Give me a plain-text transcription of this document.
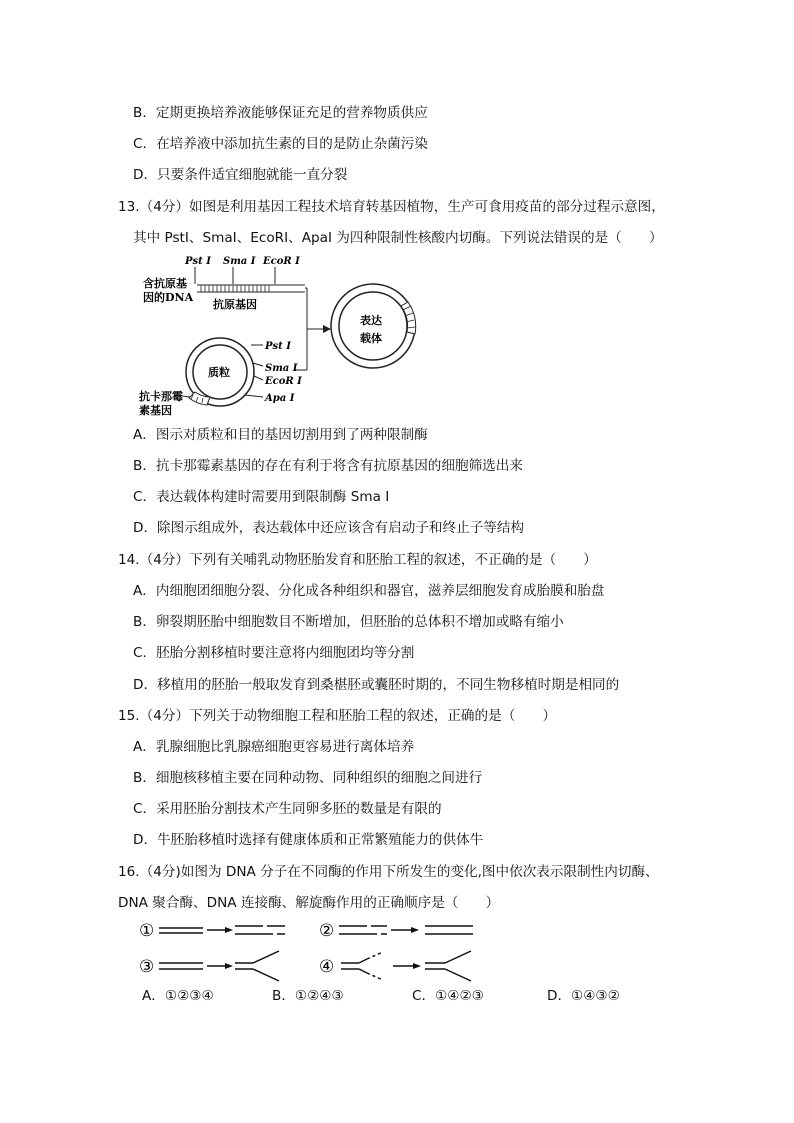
B．定期更换培养液能够保证充足的营养物质供应
C．在培养液中添加抗生素的目的是防止杂菌污染
D．只要条件适宜细胞就能一直分裂
13.（4分）如图是利用基因工程技术培育转基因植物，生产可食用疫苗的部分过程示意图，
其中 PstI、SmaI、EcoRI、ApaI 为四种限制性核酸内切酶。下列说法错误的是（　　）
Pst Ⅰ Sma Ⅰ EcoR Ⅰ
含抗原基
因的DNA
抗原基因
表达
载体
质粒
Pst Ⅰ
Sma Ⅰ
EcoR Ⅰ
Apa Ⅰ
抗卡那霉
素基因
A．图示对质粒和目的基因切割用到了两种限制酶
B．抗卡那霉素基因的存在有利于将含有抗原基因的细胞筛选出来
C．表达载体构建时需要用到限制酶 Sma Ⅰ
D．除图示组成外，表达载体中还应该含有启动子和终止子等结构
14.（4分）下列有关哺乳动物胚胎发育和胚胎工程的叙述，不正确的是（　　）
A．内细胞团细胞分裂、分化成各种组织和器官，滋养层细胞发育成胎膜和胎盘
B．卵裂期胚胎中细胞数目不断增加，但胚胎的总体积不增加或略有缩小
C．胚胎分割移植时要注意将内细胞团均等分割
D．移植用的胚胎一般取发育到桑椹胚或囊胚时期的，不同生物移植时期是相同的
15.（4分）下列关于动物细胞工程和胚胎工程的叙述，正确的是（　　）
A．乳腺细胞比乳腺癌细胞更容易进行离体培养
B．细胞核移植主要在同种动物、同种组织的细胞之间进行
C．采用胚胎分割技术产生同卵多胚的数量是有限的
D．牛胚胎移植时选择有健康体质和正常繁殖能力的供体牛
16.（4分)如图为 DNA 分子在不同酶的作用下所发生的变化,图中依次表示限制性内切酶、
DNA 聚合酶、DNA 连接酶、解旋酶作用的正确顺序是（　　）
①	②
③	④
A．①②③④	B．①②④③	C．①④②③	D．①④③②
